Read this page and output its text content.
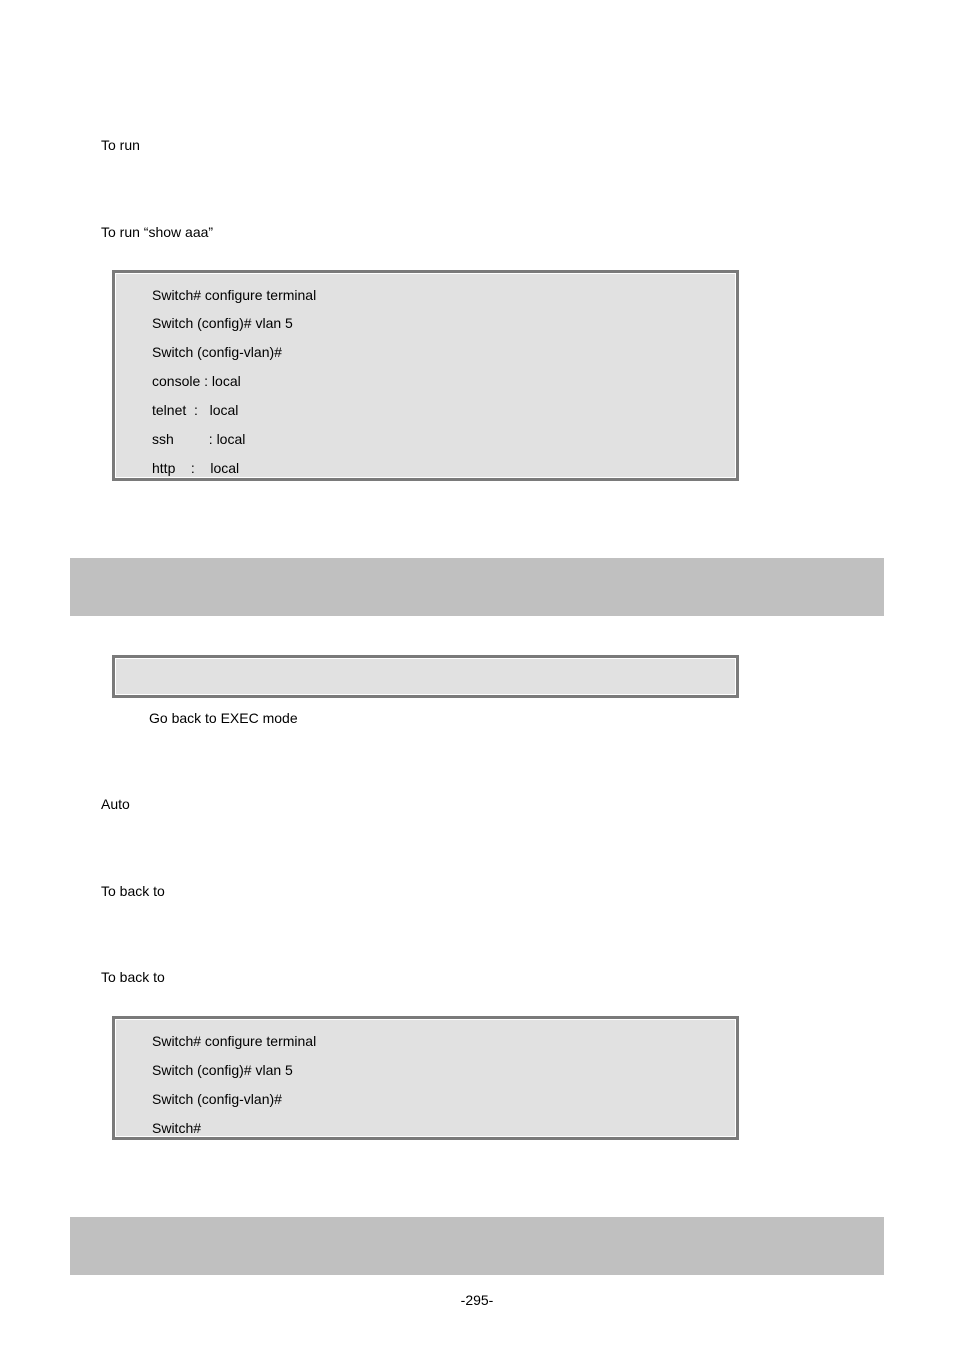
To run
To run “show aaa”
Switch# configure terminal
Switch (config)# vlan 5
Switch (config-vlan)#
console : local
telnet  :   local
ssh         : local
http    :    local
Go back to EXEC mode
Auto
To back to
To back to
Switch# configure terminal
Switch (config)# vlan 5
Switch (config-vlan)#
Switch#
-295-
